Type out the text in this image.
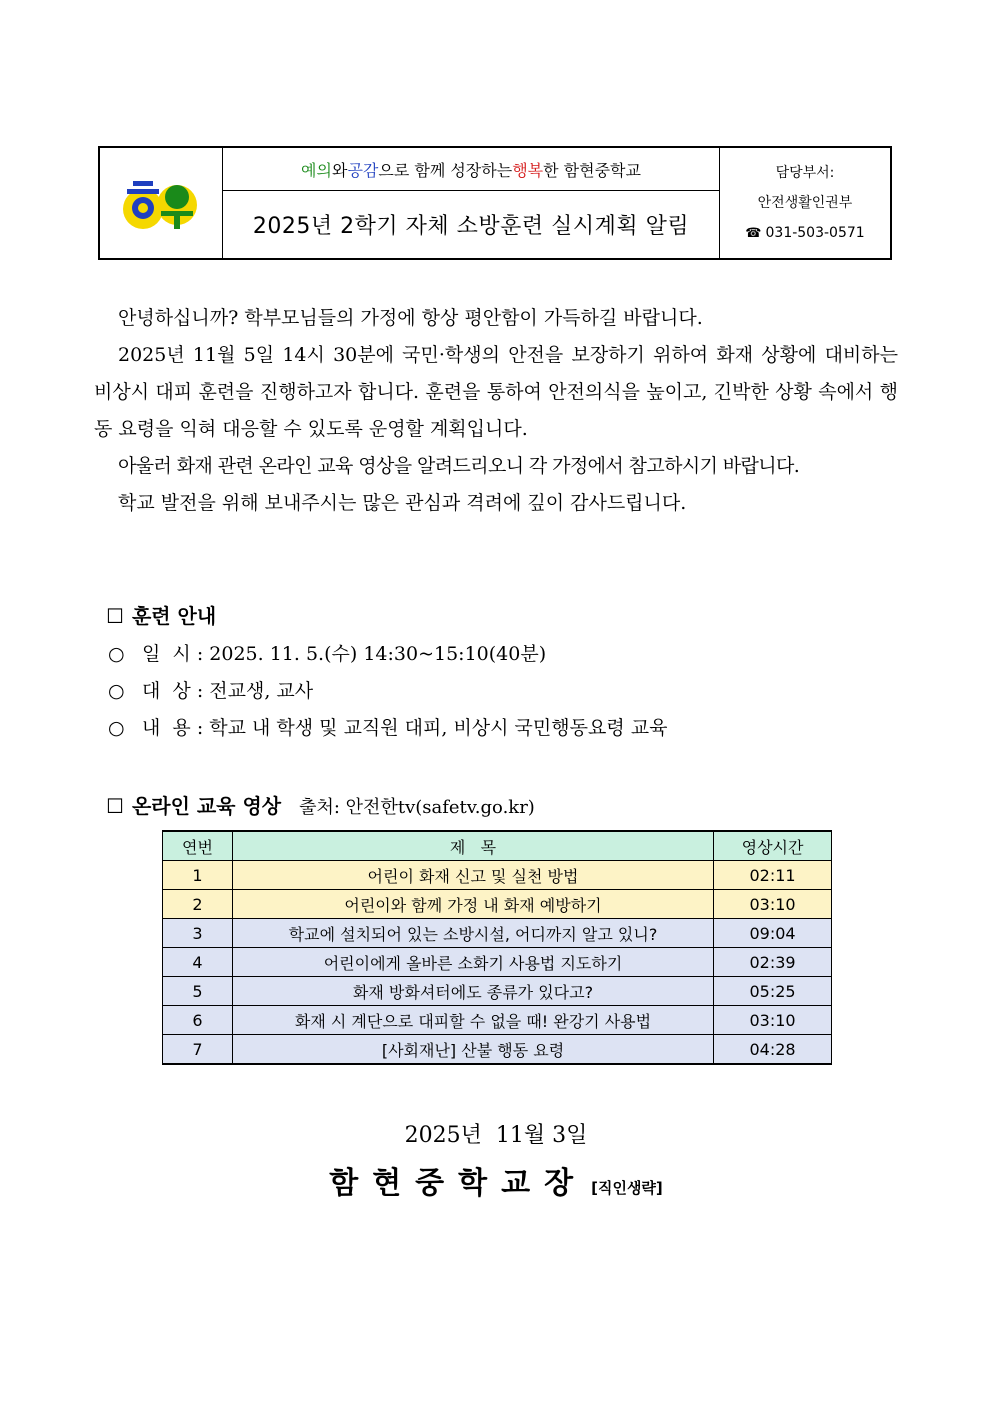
예의 와 공감 으로 함께 성장하는 행복 한 함현중학교
2025년 2학기 자체 소방훈련 실시계획 알림
담당부서:
안전생활인권부
☎ 031-503-0571

안녕하십니까? 학부모님들의 가정에 항상 평안함이 가득하길 바랍니다.

2025년 11월 5일 14시 30분에 국민·학생의 안전을 보장하기 위하여 화재 상황에 대비하는 비상시 대피 훈련을 진행하고자 합니다. 훈련을 통하여 안전의식을 높이고, 긴박한 상황 속에서 행동 요령을 익혀 대응할 수 있도록 운영할 계획입니다.

아울러 화재 관련 온라인 교육 영상을 알려드리오니 각 가정에서 참고하시기 바랍니다.

학교 발전을 위해 보내주시는 많은 관심과 격려에 깊이 감사드립니다.

☐ 훈련 안내
○ 일  시 : 2025. 11. 5.(수) 14:30~15:10(40분)
○ 대  상 : 전교생, 교사
○ 내  용 : 학교 내 학생 및 교직원 대피, 비상시 국민행동요령 교육
☐ 온라인 교육 영상 출처: 안전한tv(safetv.go.kr)
연번	제   목	영상시간
1	어린이 화재 신고 및 실천 방법	02:11
2	어린이와 함께 가정 내 화재 예방하기	03:10
3	학교에 설치되어 있는 소방시설, 어디까지 알고 있니?	09:04
4	어린이에게 올바른 소화기 사용법 지도하기	02:39
5	화재 방화셔터에도 종류가 있다고?	05:25
6	화재 시 계단으로 대피할 수 없을 때! 완강기 사용법	03:10
7	[사회재난] 산불 행동 요령	04:28
2025년  11월 3일
함현중학교장 [직인생략]
